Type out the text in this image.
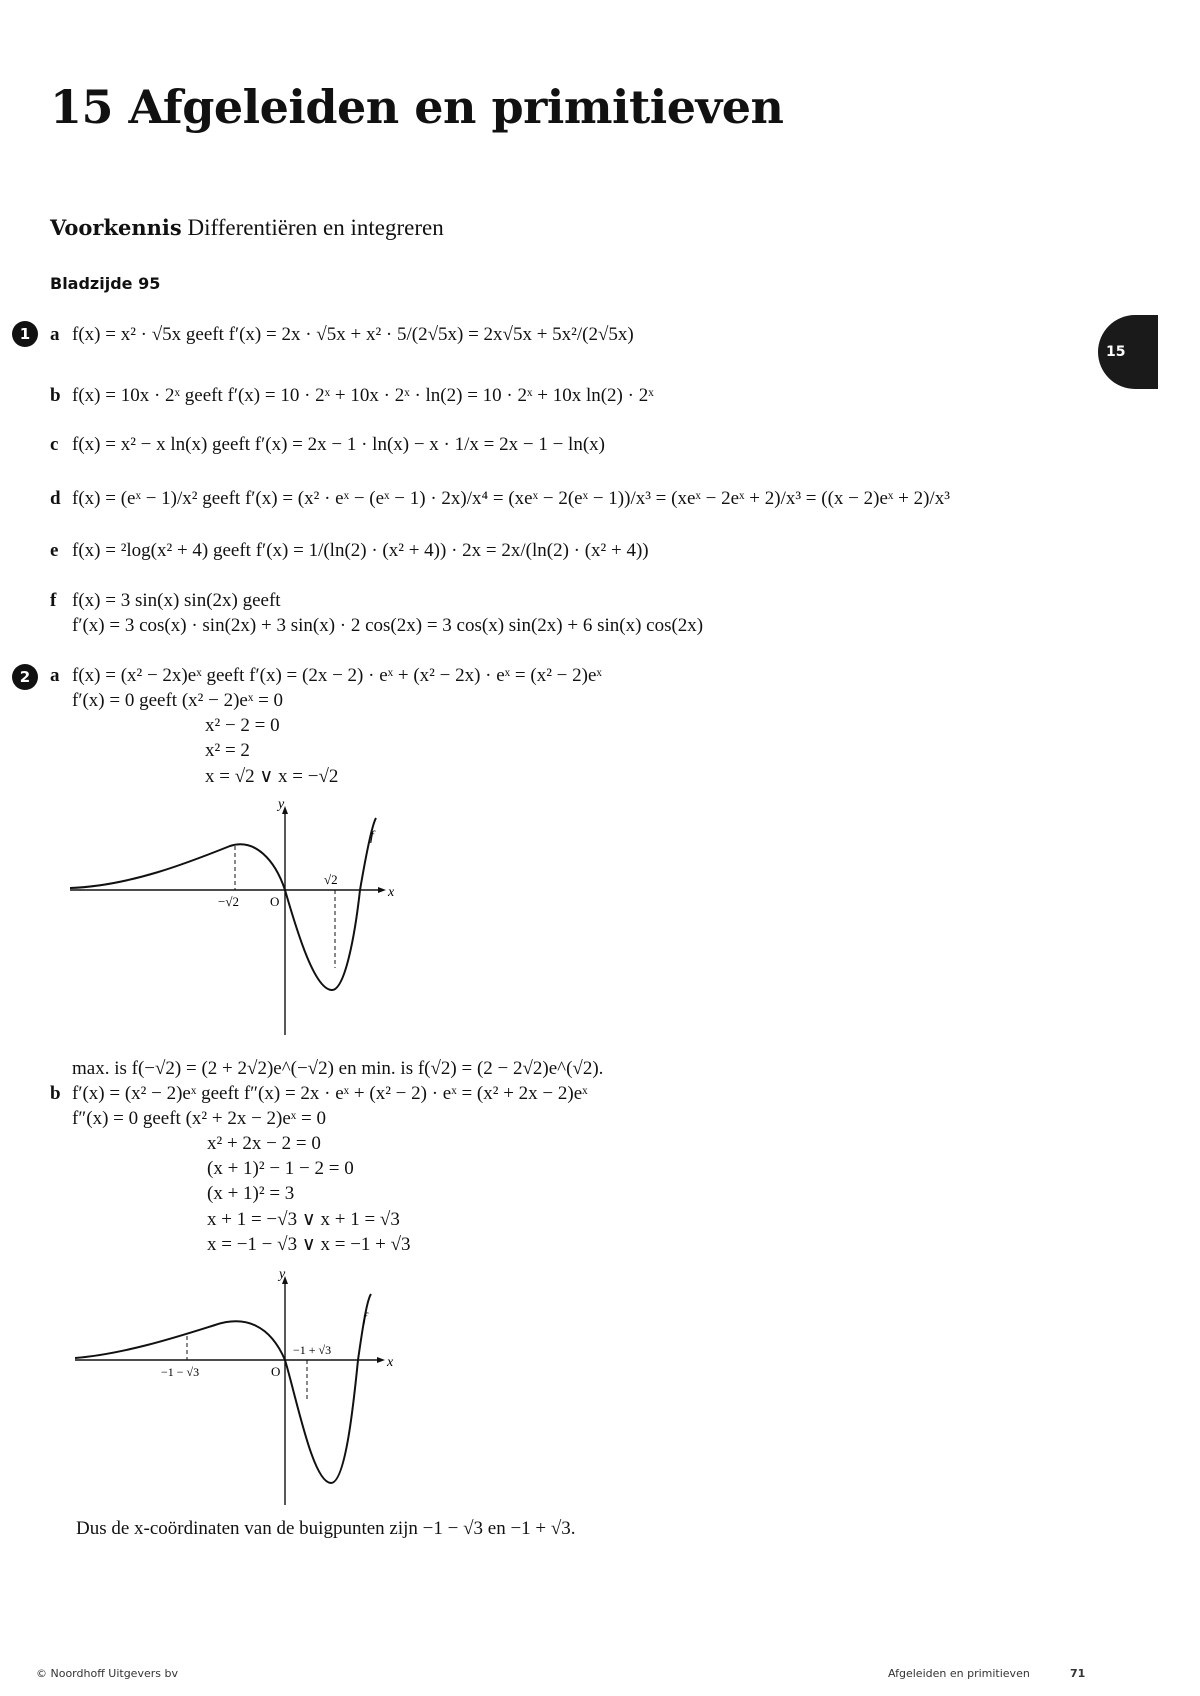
15 Afgeleiden en primitieven
Voorkennis Differentiëren en integreren
Bladzijde 95
15
1	a f(x) = x² · √5x geeft f′(x) = 2x · √5x + x² · 5/(2√5x) = 2x√5x + 5x²/(2√5x)
b f(x) = 10x · 2ˣ geeft f′(x) = 10 · 2ˣ + 10x · 2ˣ · ln(2) = 10 · 2ˣ + 10x ln(2) · 2ˣ
c f(x) = x² − x ln(x) geeft f′(x) = 2x − 1 · ln(x) − x · 1/x = 2x − 1 − ln(x)
d f(x) = (eˣ − 1)/x² geeft f′(x) = (x² · eˣ − (eˣ − 1) · 2x)/x⁴ = (xeˣ − 2(eˣ − 1))/x³ = (xeˣ − 2eˣ + 2)/x³ = ((x − 2)eˣ + 2)/x³
e f(x) = ²log(x² + 4) geeft f′(x) = 1/(ln(2) · (x² + 4)) · 2x = 2x/(ln(2) · (x² + 4))
f f(x) = 3 sin(x) sin(2x) geeft
f′(x) = 3 cos(x) · sin(2x) + 3 sin(x) · 2 cos(2x) = 3 cos(x) sin(2x) + 6 sin(x) cos(2x)
2	a f(x) = (x² − 2x)eˣ geeft f′(x) = (2x − 2) · eˣ + (x² − 2x) · eˣ = (x² − 2)eˣ
f′(x) = 0 geeft (x² − 2)eˣ = 0
x² − 2 = 0
x² = 2
x = √2 ∨ x = −√2
y
x
f
O
−√2
√2
max. is f(−√2) = (2 + 2√2)e^(−√2) en min. is f(√2) = (2 − 2√2)e^(√2).
b f′(x) = (x² − 2)eˣ geeft f″(x) = 2x · eˣ + (x² − 2) · eˣ = (x² + 2x − 2)eˣ
f″(x) = 0 geeft (x² + 2x − 2)eˣ = 0
x² + 2x − 2 = 0
(x + 1)² − 1 − 2 = 0
(x + 1)² = 3
x + 1 = −√3 ∨ x + 1 = √3
x = −1 − √3 ∨ x = −1 + √3
y
x
f
O
−1 − √3
−1 + √3
Dus de x-coördinaten van de buigpunten zijn −1 − √3 en −1 + √3.
© Noordhoff Uitgevers bv	Afgeleiden en primitieven	71
